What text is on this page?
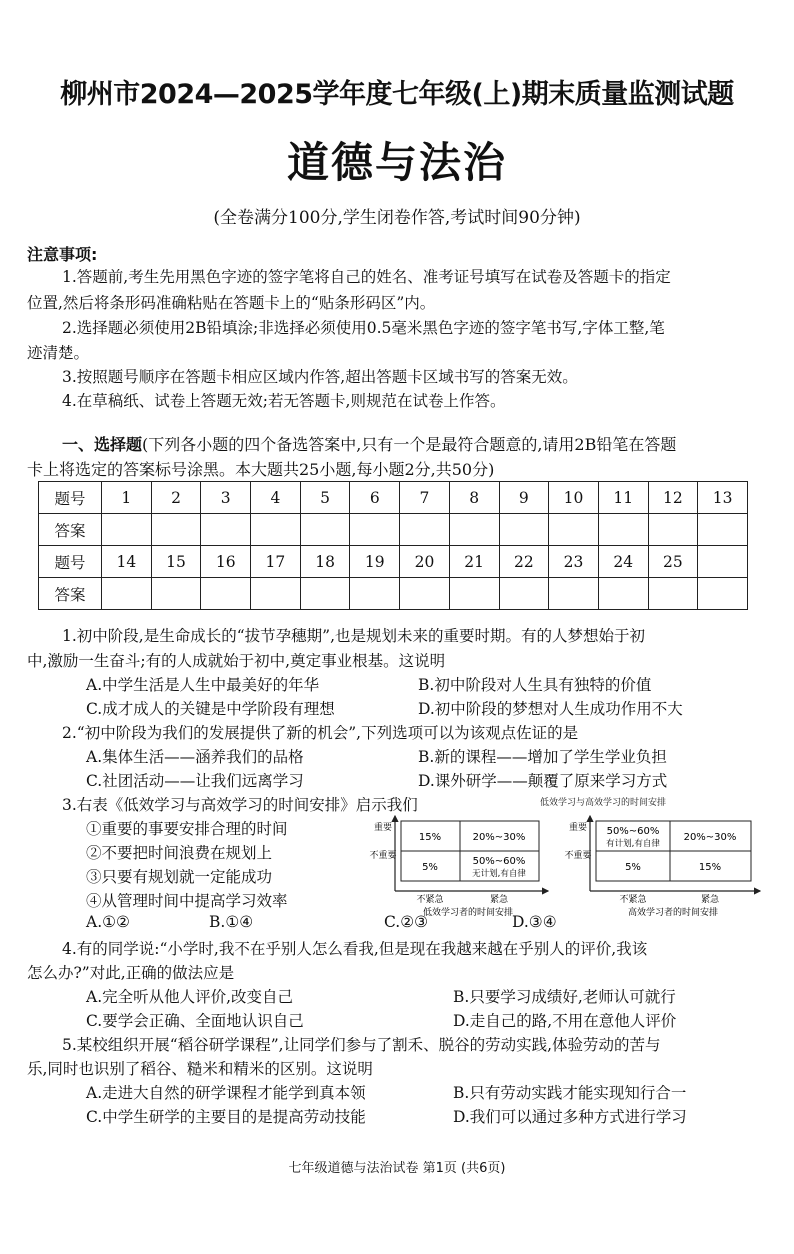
柳州市2024—2025学年度七年级(上)期末质量监测试题
道德与法治
(全卷满分100分,学生闭卷作答,考试时间90分钟)
注意事项:
1.答题前,考生先用黑色字迹的签字笔将自己的姓名、准考证号填写在试卷及答题卡的指定
位置,然后将条形码准确粘贴在答题卡上的“贴条形码区”内。
2.选择题必须使用2B铅填涂;非选择必须使用0.5毫米黑色字迹的签字笔书写,字体工整,笔
迹清楚。
3.按照题号顺序在答题卡相应区域内作答,超出答题卡区域书写的答案无效。
4.在草稿纸、试卷上答题无效;若无答题卡,则规范在试卷上作答。
一、选择题(下列各小题的四个备选答案中,只有一个是最符合题意的,请用2B铅笔在答题
卡上将选定的答案标号涂黑。本大题共25小题,每小题2分,共50分)
题号	1	2	3	4	5	6	7	8	9	10	11	12	13
答案													
题号	14	15	16	17	18	19	20	21	22	23	24	25	
答案													
1.初中阶段,是生命成长的“拔节孕穗期”,也是规划未来的重要时期。有的人梦想始于初
中,激励一生奋斗;有的人成就始于初中,奠定事业根基。这说明
A.中学生活是人生中最美好的年华	B.初中阶段对人生具有独特的价值
C.成才成人的关键是中学阶段有理想	D.初中阶段的梦想对人生成功作用不大
2.“初中阶段为我们的发展提供了新的机会”,下列选项可以为该观点佐证的是
A.集体生活——涵养我们的品格	B.新的课程——增加了学生学业负担
C.社团活动——让我们远离学习	D.课外研学——颠覆了原来学习方式
3.右表《低效学习与高效学习的时间安排》启示我们
①重要的事要安排合理的时间
②不要把时间浪费在规划上
③只要有规划就一定能成功
④从管理时间中提高学习效率
A.①②	B.①④	C.②③	D.③④
低效学习与高效学习的时间安排
重要
不重要
15%	20%~30%
5%
50%~60%
无计划,有自律
不紧急	紧急
低效学习者的时间安排
重要
不重要
50%~60%
有计划,有自律
20%~30%
5%	15%
不紧急	紧急
高效学习者的时间安排
4.有的同学说:“小学时,我不在乎别人怎么看我,但是现在我越来越在乎别人的评价,我该
怎么办?”对此,正确的做法应是
A.完全听从他人评价,改变自己	B.只要学习成绩好,老师认可就行
C.要学会正确、全面地认识自己	D.走自己的路,不用在意他人评价
5.某校组织开展“稻谷研学课程”,让同学们参与了割禾、脱谷的劳动实践,体验劳动的苦与
乐,同时也识别了稻谷、糙米和精米的区别。这说明
A.走进大自然的研学课程才能学到真本领	B.只有劳动实践才能实现知行合一
C.中学生研学的主要目的是提高劳动技能	D.我们可以通过多种方式进行学习
七年级道德与法治试卷 第1页 (共6页)
